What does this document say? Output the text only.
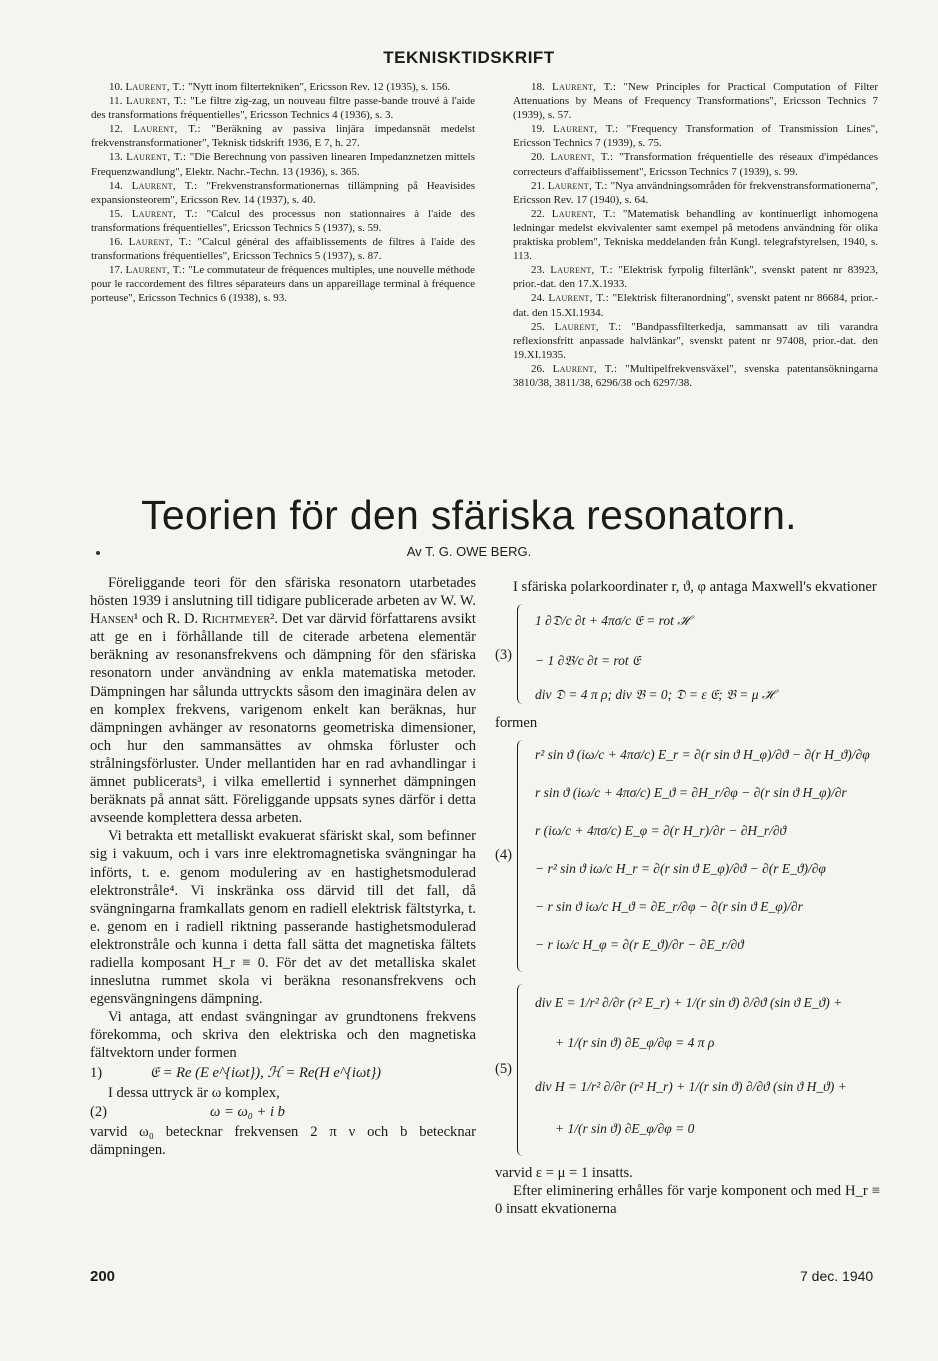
TEKNISKTIDSKRIFT

10. Laurent, T.: "Nytt inom filtertekniken", Ericsson Rev. 12 (1935), s. 156.

11. Laurent, T.: "Le filtre zig-zag, un nouveau filtre passe-bande trouvé à l'aide des transformations fréquentielles", Ericsson Technics 4 (1936), s. 3.

12. Laurent, T.: "Beräkning av passiva linjära impedansnät medelst frekvenstransformationer", Teknisk tidskrift 1936, E 7, h. 27.

13. Laurent, T.: "Die Berechnung von passiven linearen Impedanznetzen mittels Frequenzwandlung", Elektr. Nachr.-Techn. 13 (1936), s. 365.

14. Laurent, T.: "Frekvenstransformationernas tillämpning på Heavisides expansionsteorem", Ericsson Rev. 14 (1937), s. 40.

15. Laurent, T.: "Calcul des processus non stationnaires à l'aide des transformations fréquentielles", Ericsson Technics 5 (1937), s. 59.

16. Laurent, T.: "Calcul général des affaiblissements de filtres à l'aide des transformations fréquentielles", Ericsson Technics 5 (1937), s. 87.

17. Laurent, T.: "Le commutateur de fréquences multiples, une nouvelle méthode pour le raccordement des filtres séparateurs dans un appareillage terminal à fréquence porteuse", Ericsson Technics 6 (1938), s. 93.

18. Laurent, T.: "New Principles for Practical Computation of Filter Attenuations by Means of Frequency Transformations", Ericsson Technics 7 (1939), s. 57.

19. Laurent, T.: "Frequency Transformation of Transmission Lines", Ericsson Technics 7 (1939), s. 75.

20. Laurent, T.: "Transformation fréquentielle des réseaux d'impédances correcteurs d'affaiblissement", Ericsson Technics 7 (1939), s. 99.

21. Laurent, T.: "Nya användningsområden för frekvenstransformationerna", Ericsson Rev. 17 (1940), s. 64.

22. Laurent, T.: "Matematisk behandling av kontinuerligt inhomogena ledningar medelst ekvivalenter samt exempel på metodens användning för olika praktiska problem", Tekniska meddelanden från Kungl. telegrafstyrelsen, 1940, s. 113.

23. Laurent, T.: "Elektrisk fyrpolig filterlänk", svenskt patent nr 83923, prior.-dat. den 17.X.1933.

24. Laurent, T.: "Elektrisk filteranordning", svenskt patent nr 86684, prior.-dat. den 15.XI.1934.

25. Laurent, T.: "Bandpassfilterkedja, sammansatt av tili varandra reflexionsfritt anpassade halvlänkar", svenskt patent nr 97408, prior.-dat. den 19.XI.1935.

26. Laurent, T.: "Multipelfrekvensväxel", svenska patentansökningarna 3810/38, 3811/38, 6296/38 och 6297/38.

Teorien för den sfäriska resonatorn.
Av T. G. OWE BERG.

Föreliggande teori för den sfäriska resonatorn utarbetades hösten 1939 i anslutning till tidigare publicerade arbeten av W. W. Hansen¹ och R. D. Richtmeyer². Det var därvid författarens avsikt att ge en i förhållande till de citerade arbetena elementär beräkning av resonansfrekvens och dämpning för den sfäriska resonatorn under användning av enkla matematiska metoder. Dämpningen har sålunda uttryckts såsom den imaginära delen av en komplex frekvens, varigenom enkelt kan beräknas, hur dämpningen avhänger av resonatorns geometriska dimensioner, och hur den sammansättes av ohmska förluster och strålningsförluster. Under mellantiden har en rad avhandlingar i ämnet publicerats³, i vilka emellertid i synnerhet dämpningen beräknats på annat sätt. Föreliggande uppsats synes därför i detta avseende komplettera dessa arbeten.

Vi betrakta ett metalliskt evakuerat sfäriskt skal, som befinner sig i vakuum, och i vars inre elektromagnetiska svängningar ha införts, t. e. genom modulering av en hastighetsmodulerad elektronstråle⁴. Vi inskränka oss därvid till det fall, då svängningarna framkallats genom en radiell elektrisk fältstyrka, t. e. genom en i radiell riktning passerande hastighetsmodulerad elektronstråle och kunna i detta fall sätta det magnetiska fältets radiella komposant H_r ≡ 0. För det av det metalliska skalet inneslutna rummet skola vi beräkna resonansfrekvens och egensvängningens dämpning.

Vi antaga, att endast svängningar av grundtonens frekvens förekomma, och skriva den elektriska och den magnetiska fältvektorn under formen

1)	𝔈 = Re (E e^{iωt}), ℋ = Re(H e^{iωt})

I dessa uttryck är ω komplex,

(2)	ω = ω₀ + i b

varvid ω₀ betecknar frekvensen 2 π ν och b betecknar dämpningen.

I sfäriska polarkoordinater r, ϑ, φ antaga Maxwell's ekvationer

(3)
1 ∂𝔇/c ∂t + 4πσ/c 𝔈 = rot ℋ
− 1 ∂𝔅/c ∂t = rot 𝔈
div 𝔇 = 4 π ρ; div 𝔅 = 0; 𝔇 = ε 𝔈; 𝔅 = μ ℋ

formen

(4)
r² sin ϑ (iω/c + 4πσ/c) E_r = ∂(r sin ϑ H_φ)/∂ϑ − ∂(r H_ϑ)/∂φ
r sin ϑ (iω/c + 4πσ/c) E_ϑ = ∂H_r/∂φ − ∂(r sin ϑ H_φ)/∂r
r (iω/c + 4πσ/c) E_φ = ∂(r H_r)/∂r − ∂H_r/∂ϑ
− r² sin ϑ iω/c H_r = ∂(r sin ϑ E_φ)/∂ϑ − ∂(r E_ϑ)/∂φ
− r sin ϑ iω/c H_ϑ = ∂E_r/∂φ − ∂(r sin ϑ E_φ)/∂r
− r iω/c H_φ = ∂(r E_ϑ)/∂r − ∂E_r/∂ϑ
(5)
div E = 1/r² ∂/∂r (r² E_r) + 1/(r sin ϑ) ∂/∂ϑ (sin ϑ E_ϑ) +
+ 1/(r sin ϑ) ∂E_φ/∂φ = 4 π ρ
div H = 1/r² ∂/∂r (r² H_r) + 1/(r sin ϑ) ∂/∂ϑ (sin ϑ H_ϑ) +
+ 1/(r sin ϑ) ∂E_φ/∂φ = 0

varvid ε = μ = 1 insatts.

Efter eliminering erhålles för varje komponent och med H_r ≡ 0 insatt ekvationerna

200	7 dec. 1940
